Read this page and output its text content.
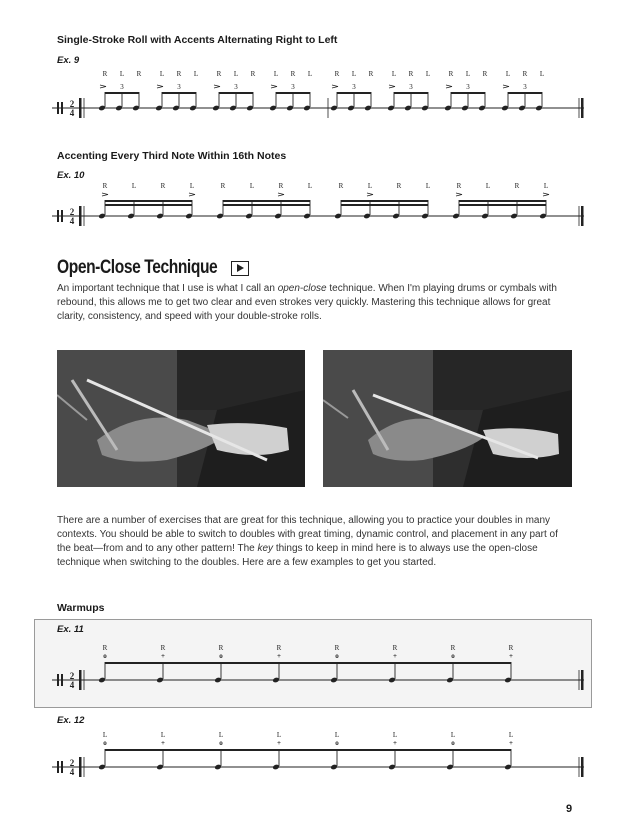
Single-Stroke Roll with Accents Alternating Right to Left
Ex. 9
2
4
R L R	L R L	R L R	L R L	R L R	L R L	R L R	L R L
3	3	3	3	3	3	3	3
Accenting Every Third Note Within 16th Notes
Ex. 10
2
4
R	L	R	L	R	L	R	L	R	L	R	L	R	L	R	L
Open-Close Technique
An important technique that I use is what I call an open-close technique. When I'm playing drums or cymbals with rebound, this allows me to get two clear and even strokes very quickly. Mastering this technique allows for great clarity, consistency, and speed with your double-stroke rolls.
There are a number of exercises that are great for this technique, allowing you to practice your doubles in many contexts. You should be able to switch to doubles with great timing, dynamic control, and placement in any part of the beat—from and to any other pattern! The key things to keep in mind here is to always use the open-close technique when switching to the doubles. Here are a few examples to get you started.
Warmups
Ex. 11
2
4
R
o
R
+
R
o
R
+
R
o
R
+
R
o
R
+
Ex. 12
2
4
L
o
L
+
L
o
L
+
L
o
L
+
L
o
L
+
9
